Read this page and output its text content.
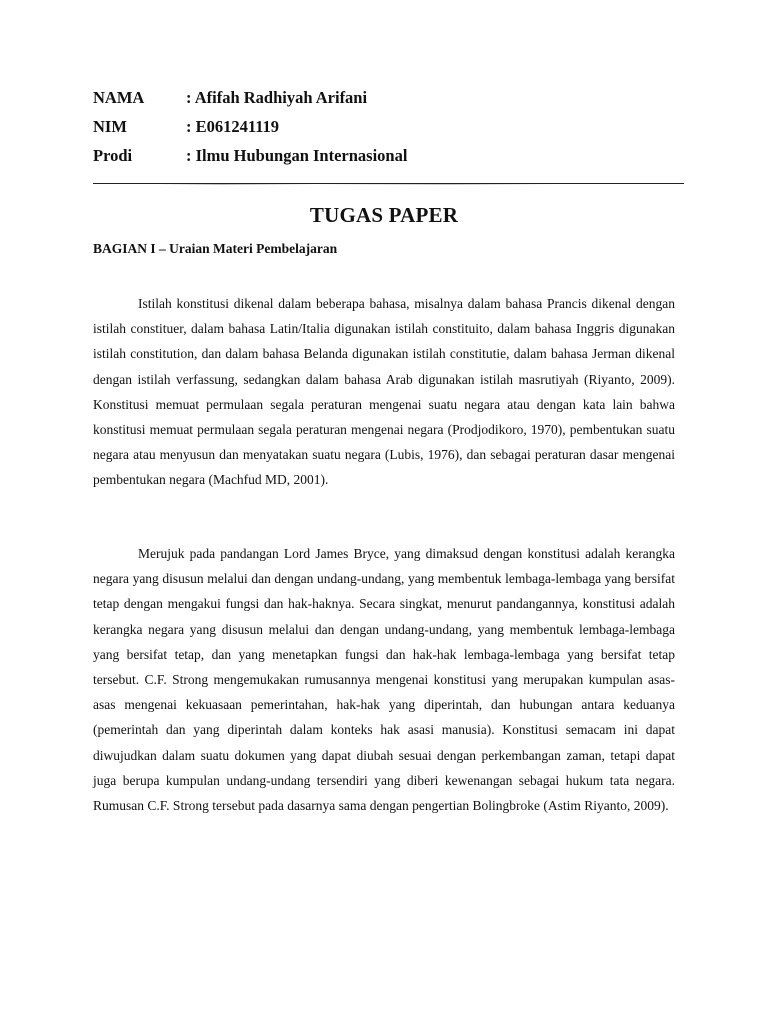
NAMA	: Afifah Radhiyah Arifani
NIM	: E061241119
Prodi	: Ilmu Hubungan Internasional
TUGAS PAPER
BAGIAN I – Uraian Materi Pembelajaran

Istilah konstitusi dikenal dalam beberapa bahasa, misalnya dalam bahasa Prancis dikenal dengan istilah constituer, dalam bahasa Latin/Italia digunakan istilah constituito, dalam bahasa Inggris digunakan istilah constitution, dan dalam bahasa Belanda digunakan istilah constitutie, dalam bahasa Jerman dikenal dengan istilah verfassung, sedangkan dalam bahasa Arab digunakan istilah masrutiyah (Riyanto, 2009). Konstitusi memuat permulaan segala peraturan mengenai suatu negara atau dengan kata lain bahwa konstitusi memuat permulaan segala peraturan mengenai negara (Prodjodikoro, 1970), pembentukan suatu negara atau menyusun dan menyatakan suatu negara (Lubis, 1976), dan sebagai peraturan dasar mengenai pembentukan negara (Machfud MD, 2001).

Merujuk pada pandangan Lord James Bryce, yang dimaksud dengan konstitusi adalah kerangka negara yang disusun melalui dan dengan undang-undang, yang membentuk lembaga-lembaga yang bersifat tetap dengan mengakui fungsi dan hak-haknya. Secara singkat, menurut pandangannya, konstitusi adalah kerangka negara yang disusun melalui dan dengan undang-undang, yang membentuk lembaga-lembaga yang bersifat tetap, dan yang menetapkan fungsi dan hak-hak lembaga-lembaga yang bersifat tetap tersebut. C.F. Strong mengemukakan rumusannya mengenai konstitusi yang merupakan kumpulan asas-asas mengenai kekuasaan pemerintahan, hak-hak yang diperintah, dan hubungan antara keduanya (pemerintah dan yang diperintah dalam konteks hak asasi manusia). Konstitusi semacam ini dapat diwujudkan dalam suatu dokumen yang dapat diubah sesuai dengan perkembangan zaman, tetapi dapat juga berupa kumpulan undang-undang tersendiri yang diberi kewenangan sebagai hukum tata negara. Rumusan C.F. Strong tersebut pada dasarnya sama dengan pengertian Bolingbroke (Astim Riyanto, 2009).
